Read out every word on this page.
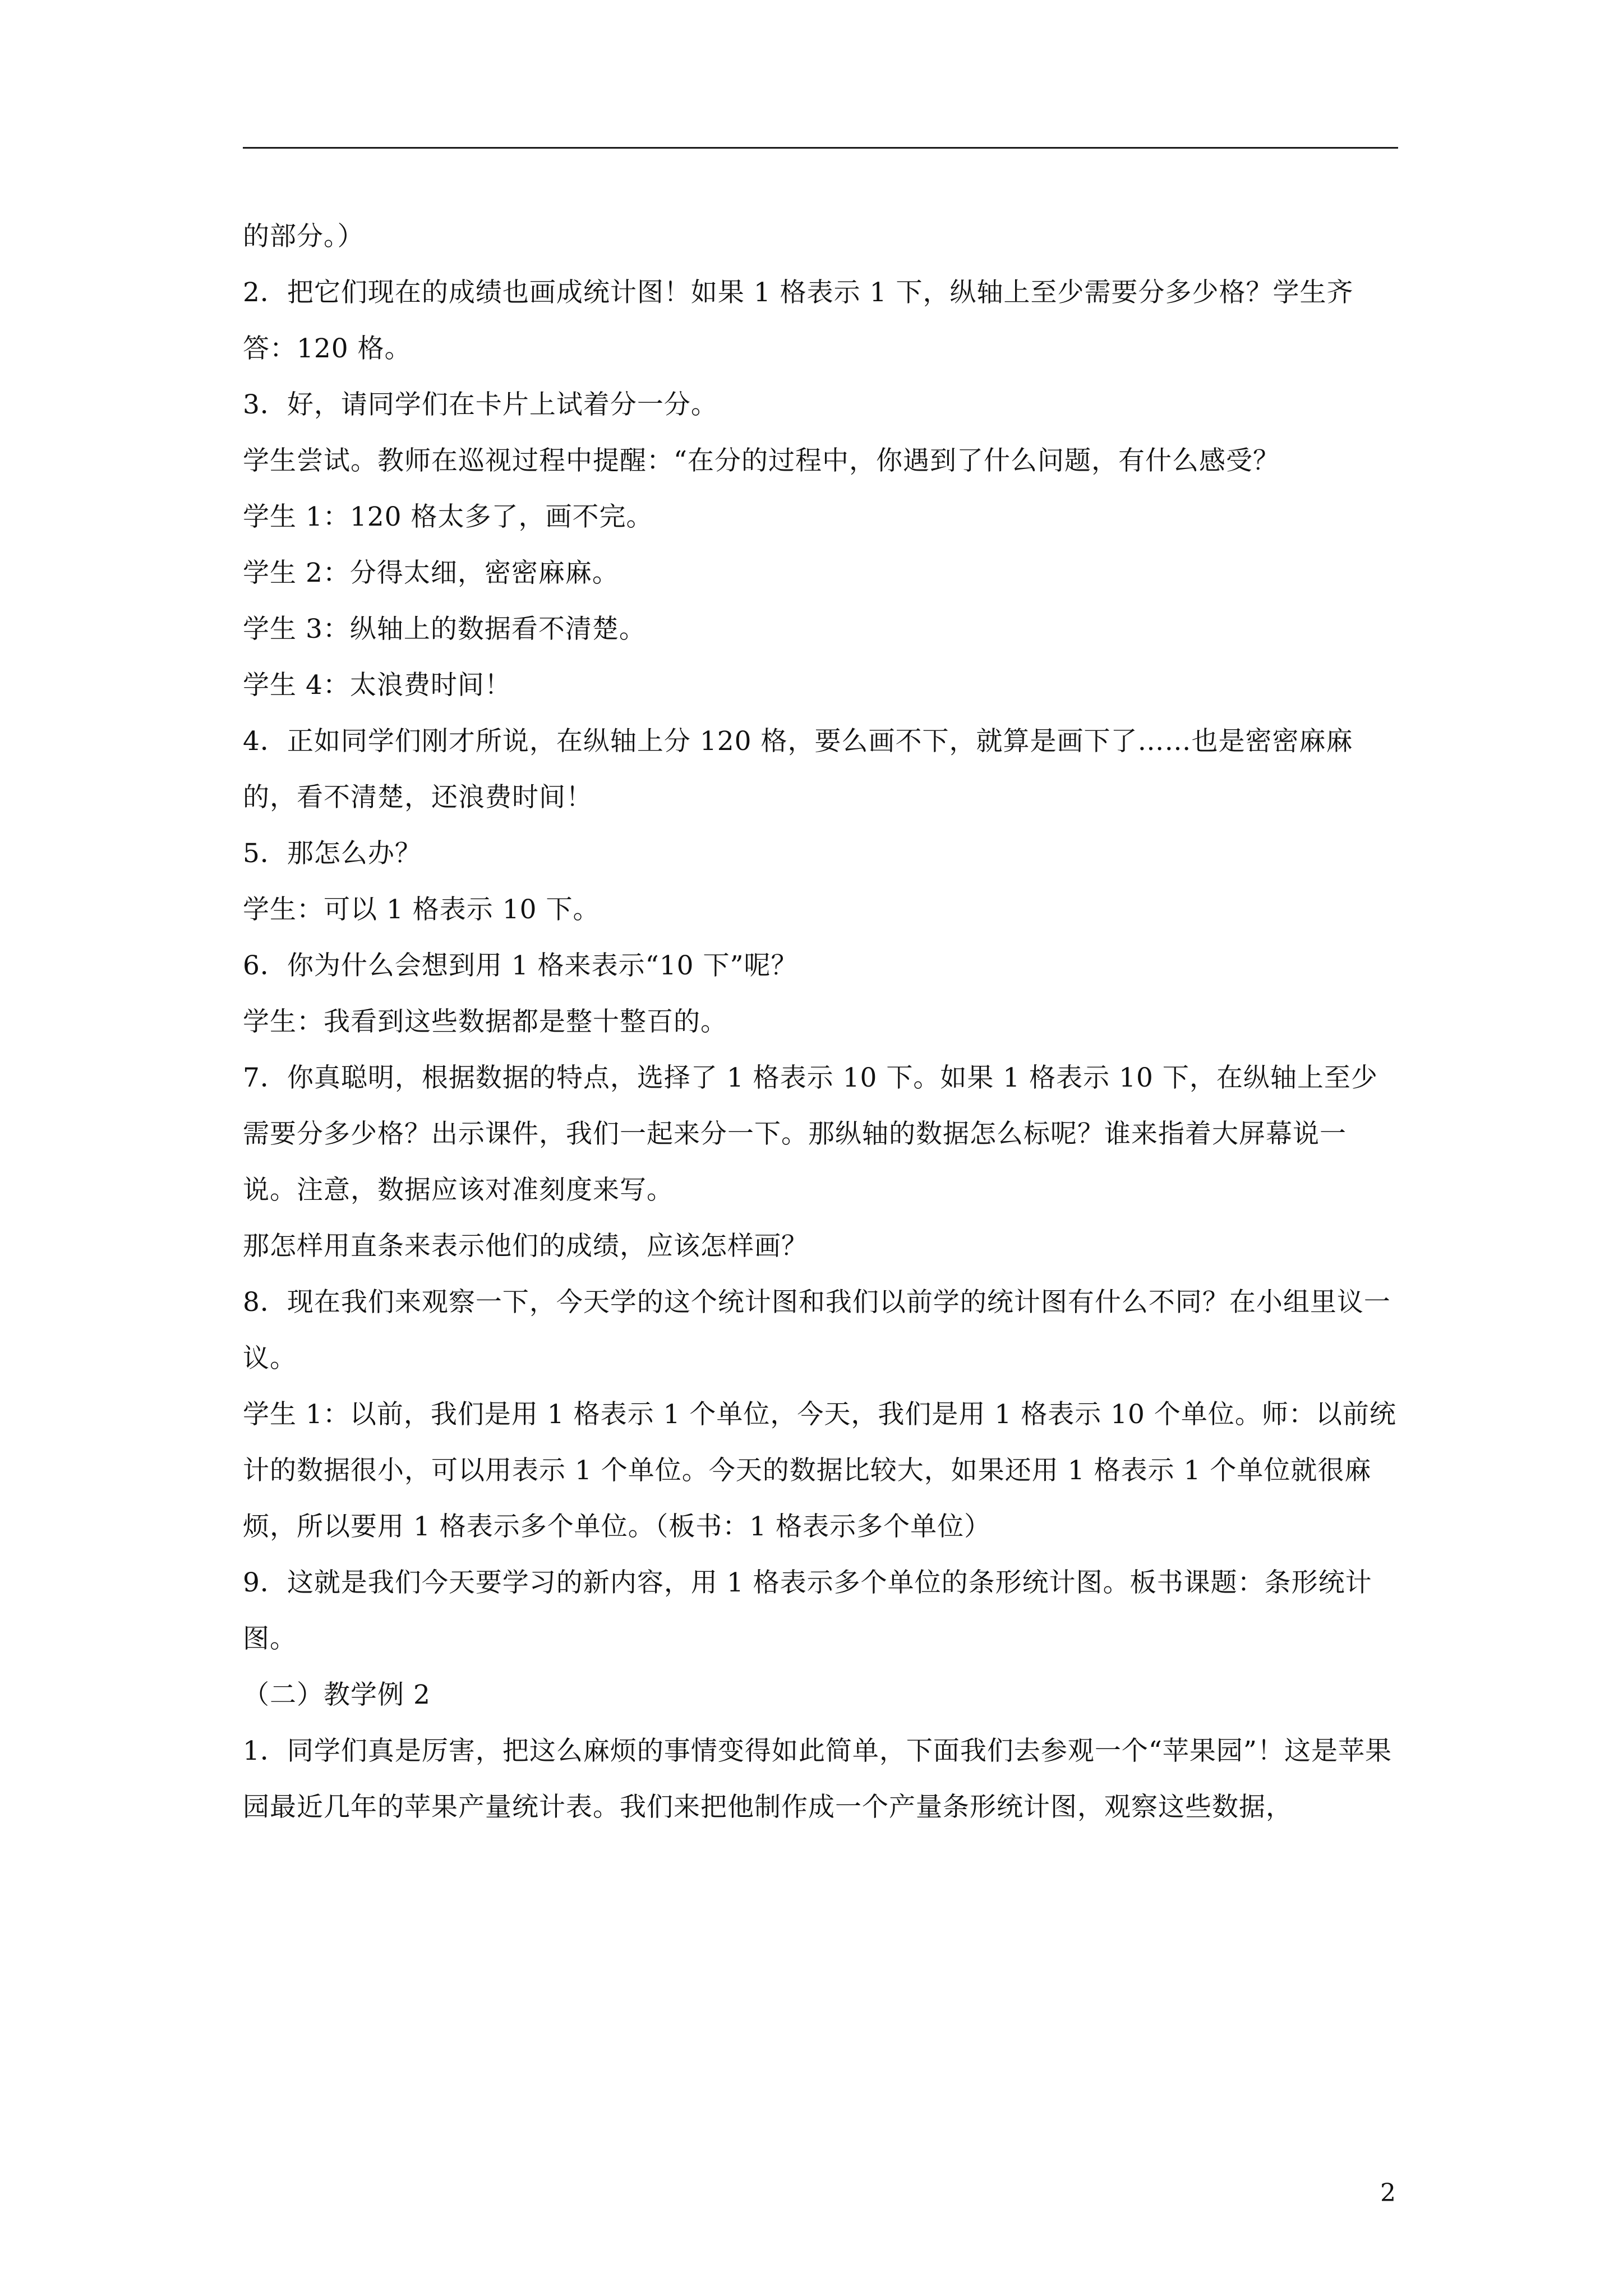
的部分。）

2．把它们现在的成绩也画成统计图！如果 1 格表示 1 下，纵轴上至少需要分多少格？学生齐答：120 格。

3．好，请同学们在卡片上试着分一分。

学生尝试。教师在巡视过程中提醒：“在分的过程中，你遇到了什么问题，有什么感受？

学生 1：120 格太多了，画不完。

学生 2：分得太细，密密麻麻。

学生 3：纵轴上的数据看不清楚。

学生 4：太浪费时间！

4．正如同学们刚才所说，在纵轴上分 120 格，要么画不下，就算是画下了……也是密密麻麻的，看不清楚，还浪费时间！

5．那怎么办？

学生：可以 1 格表示 10 下。

6．你为什么会想到用 1 格来表示“10 下”呢？

学生：我看到这些数据都是整十整百的。

7．你真聪明，根据数据的特点，选择了 1 格表示 10 下。如果 1 格表示 10 下，在纵轴上至少需要分多少格？出示课件，我们一起来分一下。那纵轴的数据怎么标呢？谁来指着大屏幕说一说。注意，数据应该对准刻度来写。

那怎样用直条来表示他们的成绩，应该怎样画？

8．现在我们来观察一下，今天学的这个统计图和我们以前学的统计图有什么不同？在小组里议一议。

学生 1：以前，我们是用 1 格表示 1 个单位，今天，我们是用 1 格表示 10 个单位。师：以前统计的数据很小，可以用表示 1 个单位。今天的数据比较大，如果还用 1 格表示 1 个单位就很麻烦，所以要用 1 格表示多个单位。（板书：1 格表示多个单位）

9．这就是我们今天要学习的新内容，用 1 格表示多个单位的条形统计图。板书课题：条形统计图。

（二）教学例 2

1．同学们真是厉害，把这么麻烦的事情变得如此简单，下面我们去参观一个“苹果园”！这是苹果园最近几年的苹果产量统计表。我们来把他制作成一个产量条形统计图，观察这些数据，

2
